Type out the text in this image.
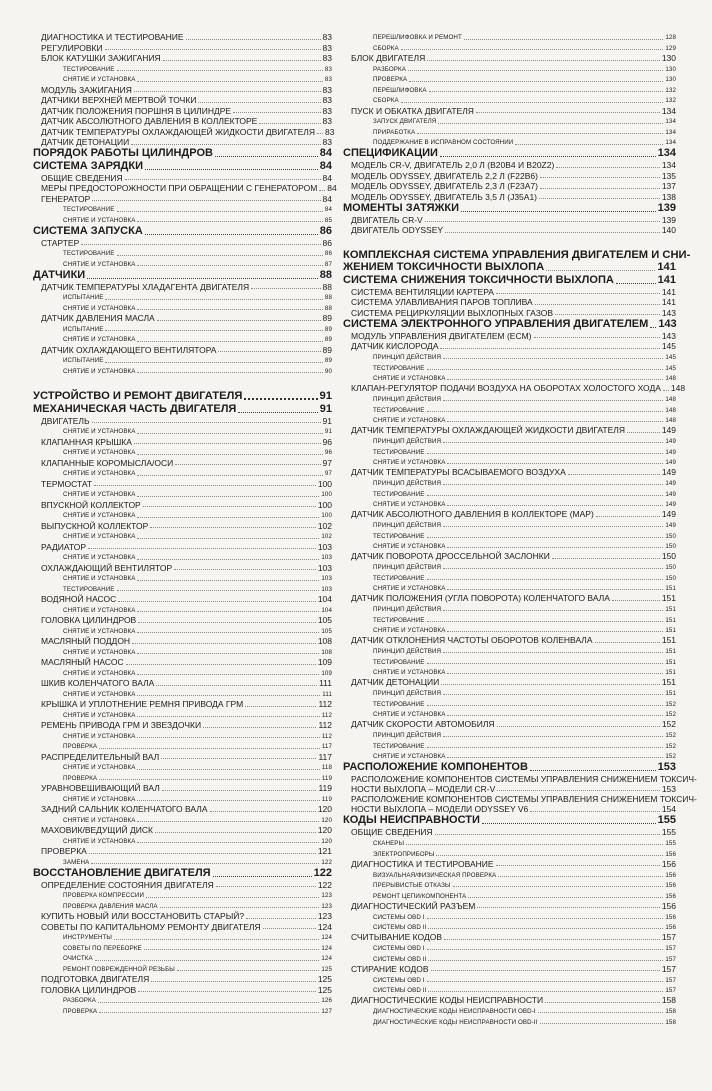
ДИАГНОСТИКА И ТЕСТИРОВАНИЕ	83
РЕГУЛИРОВКИ	83
БЛОК КАТУШКИ ЗАЖИГАНИЯ	83
ТЕСТИРОВАНИЕ	83
СНЯТИЕ И УСТАНОВКА	83
МОДУЛЬ ЗАЖИГАНИЯ	83
ДАТЧИКИ ВЕРХНЕЙ МЕРТВОЙ ТОЧКИ	83
ДАТЧИК ПОЛОЖЕНИЯ ПОРШНЯ В ЦИЛИНДРЕ	83
ДАТЧИК АБСОЛЮТНОГО ДАВЛЕНИЯ В КОЛЛЕКТОРЕ	83
ДАТЧИК ТЕМПЕРАТУРЫ ОХЛАЖДАЮЩЕЙ ЖИДКОСТИ ДВИГАТЕЛЯ 83
ДАТЧИК ДЕТОНАЦИИ	83
ПОРЯДОК РАБОТЫ ЦИЛИНДРОВ	84
СИСТЕМА ЗАРЯДКИ	84
ОБЩИЕ СВЕДЕНИЯ	84
МЕРЫ ПРЕДОСТОРОЖНОСТИ ПРИ ОБРАЩЕНИИ С ГЕНЕРАТОРОМ 84
ГЕНЕРАТОР	84
ТЕСТИРОВАНИЕ	84
СНЯТИЕ И УСТАНОВКА	85
СИСТЕМА ЗАПУСКА	86
СТАРТЕР	86
ТЕСТИРОВАНИЕ	86
СНЯТИЕ И УСТАНОВКА	87
ДАТЧИКИ	88
ДАТЧИК ТЕМПЕРАТУРЫ ХЛАДАГЕНТА ДВИГАТЕЛЯ	88
ИСПЫТАНИЕ	88
СНЯТИЕ И УСТАНОВКА	88
ДАТЧИК ДАВЛЕНИЯ МАСЛА	89
ИСПЫТАНИЕ	89
СНЯТИЕ И УСТАНОВКА	89
ДАТЧИК ОХЛАЖДАЮЩЕГО ВЕНТИЛЯТОРА	89
ИСПЫТАНИЕ	89
СНЯТИЕ И УСТАНОВКА	90
УСТРОЙСТВО И РЕМОНТ ДВИГАТЕЛЯ	91
МЕХАНИЧЕСКАЯ ЧАСТЬ ДВИГАТЕЛЯ	91
ДВИГАТЕЛЬ	91
СНЯТИЕ И УСТАНОВКА	91
КЛАПАННАЯ КРЫШКА	96
СНЯТИЕ И УСТАНОВКА	96
КЛАПАННЫЕ КОРОМЫСЛА/ОСИ	97
СНЯТИЕ И УСТАНОВКА	97
ТЕРМОСТАТ	100
СНЯТИЕ И УСТАНОВКА	100
ВПУСКНОЙ КОЛЛЕКТОР	100
СНЯТИЕ И УСТАНОВКА	100
ВЫПУСКНОЙ КОЛЛЕКТОР	102
СНЯТИЕ И УСТАНОВКА	102
РАДИАТОР	103
СНЯТИЕ И УСТАНОВКА	103
ОХЛАЖДАЮЩИЙ ВЕНТИЛЯТОР	103
СНЯТИЕ И УСТАНОВКА	103
ТЕСТИРОВАНИЕ	103
ВОДЯНОЙ НАСОС	104
СНЯТИЕ И УСТАНОВКА	104
ГОЛОВКА ЦИЛИНДРОВ	105
СНЯТИЕ И УСТАНОВКА	105
МАСЛЯНЫЙ ПОДДОН	108
СНЯТИЕ И УСТАНОВКА	108
МАСЛЯНЫЙ НАСОС	109
СНЯТИЕ И УСТАНОВКА	109
ШКИВ КОЛЕНЧАТОГО ВАЛА	111
СНЯТИЕ И УСТАНОВКА	111
КРЫШКА И УПЛОТНЕНИЕ РЕМНЯ ПРИВОДА ГРМ	112
СНЯТИЕ И УСТАНОВКА	112
РЕМЕНЬ ПРИВОДА ГРМ И ЗВЕЗДОЧКИ	112
СНЯТИЕ И УСТАНОВКА	112
ПРОВЕРКА	117
РАСПРЕДЕЛИТЕЛЬНЫЙ ВАЛ	117
СНЯТИЕ И УСТАНОВКА	118
ПРОВЕРКА	119
УРАВНОВЕШИВАЮЩИЙ ВАЛ	119
СНЯТИЕ И УСТАНОВКА	119
ЗАДНИЙ САЛЬНИК КОЛЕНЧАТОГО ВАЛА	120
СНЯТИЕ И УСТАНОВКА	120
МАХОВИК/ВЕДУЩИЙ ДИСК	120
СНЯТИЕ И УСТАНОВКА	120
ПРОВЕРКА	121
ЗАМЕНА	122
ВОССТАНОВЛЕНИЕ ДВИГАТЕЛЯ	122
ОПРЕДЕЛЕНИЕ СОСТОЯНИЯ ДВИГАТЕЛЯ	122
ПРОВЕРКА КОМПРЕССИИ	123
ПРОВЕРКА ДАВЛЕНИЯ МАСЛА	123
КУПИТЬ НОВЫЙ ИЛИ ВОССТАНОВИТЬ СТАРЫЙ?	123
СОВЕТЫ ПО КАПИТАЛЬНОМУ РЕМОНТУ ДВИГАТЕЛЯ	124
ИНСТРУМЕНТЫ	124
СОВЕТЫ ПО ПЕРЕБОРКЕ	124
ОЧИСТКА	124
РЕМОНТ ПОВРЕЖДЕННОЙ РЕЗЬБЫ	125
ПОДГОТОВКА ДВИГАТЕЛЯ	125
ГОЛОВКА ЦИЛИНДРОВ	125
РАЗБОРКА	126
ПРОВЕРКА	127
ПЕРЕШЛИФОВКА И РЕМОНТ	128
СБОРКА	129
БЛОК ДВИГАТЕЛЯ	130
РАЗБОРКА	130
ПРОВЕРКА	130
ПЕРЕШЛИФОВКА	132
СБОРКА	132
ПУСК И ОБКАТКА ДВИГАТЕЛЯ	134
ЗАПУСК ДВИГАТЕЛЯ	134
ПРИРАБОТКА	134
ПОДДЕРЖАНИЕ В ИСПРАВНОМ СОСТОЯНИИ	134
СПЕЦИФИКАЦИИ	134
МОДЕЛЬ CR-V, ДВИГАТЕЛЬ 2,0 Л (B20B4 И B20Z2)	134
МОДЕЛЬ ODYSSEY, ДВИГАТЕЛЬ 2,2 Л (F22B6)	135
МОДЕЛЬ ODYSSEY, ДВИГАТЕЛЬ 2,3 Л (F23A7)	137
МОДЕЛЬ ODYSSEY, ДВИГАТЕЛЬ 3,5 Л (J35A1)	138
МОМЕНТЫ ЗАТЯЖКИ	139
ДВИГАТЕЛЬ CR-V	139
ДВИГАТЕЛЬ ODYSSEY	140
КОМПЛЕКСНАЯ СИСТЕМА УПРАВЛЕНИЯ ДВИГАТЕЛЕМ И СНИ-
ЖЕНИЕМ ТОКСИЧНОСТИ ВЫХЛОПА	141
СИСТЕМА СНИЖЕНИЯ ТОКСИЧНОСТИ ВЫХЛОПА	141
СИСТЕМА ВЕНТИЛЯЦИИ КАРТЕРА	141
СИСТЕМА УЛАВЛИВАНИЯ ПАРОВ ТОПЛИВА	141
СИСТЕМА РЕЦИРКУЛЯЦИИ ВЫХЛОПНЫХ ГАЗОВ	143
СИСТЕМА ЭЛЕКТРОННОГО УПРАВЛЕНИЯ ДВИГАТЕЛЕМ 143
МОДУЛЬ УПРАВЛЕНИЯ ДВИГАТЕЛЕМ (ECM)	143
ДАТЧИК КИСЛОРОДА	145
ПРИНЦИП ДЕЙСТВИЯ	145
ТЕСТИРОВАНИЕ	145
СНЯТИЕ И УСТАНОВКА	148
КЛАПАН-РЕГУЛЯТОР ПОДАЧИ ВОЗДУХА НА ОБОРОТАХ ХОЛОСТОГО ХОДА 148
ПРИНЦИП ДЕЙСТВИЯ	148
ТЕСТИРОВАНИЕ	148
СНЯТИЕ И УСТАНОВКА	148
ДАТЧИК ТЕМПЕРАТУРЫ ОХЛАЖДАЮЩЕЙ ЖИДКОСТИ ДВИГАТЕЛЯ	149
ПРИНЦИП ДЕЙСТВИЯ	149
ТЕСТИРОВАНИЕ	149
СНЯТИЕ И УСТАНОВКА	149
ДАТЧИК ТЕМПЕРАТУРЫ ВСАСЫВАЕМОГО ВОЗДУХА	149
ПРИНЦИП ДЕЙСТВИЯ	149
ТЕСТИРОВАНИЕ	149
СНЯТИЕ И УСТАНОВКА	149
ДАТЧИК АБСОЛЮТНОГО ДАВЛЕНИЯ В КОЛЛЕКТОРЕ (MAP)	149
ПРИНЦИП ДЕЙСТВИЯ	149
ТЕСТИРОВАНИЕ	150
СНЯТИЕ И УСТАНОВКА	150
ДАТЧИК ПОВОРОТА ДРОССЕЛЬНОЙ ЗАСЛОНКИ	150
ПРИНЦИП ДЕЙСТВИЯ	150
ТЕСТИРОВАНИЕ	150
СНЯТИЕ И УСТАНОВКА	151
ДАТЧИК ПОЛОЖЕНИЯ (УГЛА ПОВОРОТА) КОЛЕНЧАТОГО ВАЛА	151
ПРИНЦИП ДЕЙСТВИЯ	151
ТЕСТИРОВАНИЕ	151
СНЯТИЕ И УСТАНОВКА	151
ДАТЧИК ОТКЛОНЕНИЯ ЧАСТОТЫ ОБОРОТОВ КОЛЕНВАЛА	151
ПРИНЦИП ДЕЙСТВИЯ	151
ТЕСТИРОВАНИЕ	151
СНЯТИЕ И УСТАНОВКА	151
ДАТЧИК ДЕТОНАЦИИ	151
ПРИНЦИП ДЕЙСТВИЯ	151
ТЕСТИРОВАНИЕ	152
СНЯТИЕ И УСТАНОВКА	152
ДАТЧИК СКОРОСТИ АВТОМОБИЛЯ	152
ПРИНЦИП ДЕЙСТВИЯ	152
ТЕСТИРОВАНИЕ	152
СНЯТИЕ И УСТАНОВКА	152
РАСПОЛОЖЕНИЕ КОМПОНЕНТОВ	153
РАСПОЛОЖЕНИЕ КОМПОНЕНТОВ СИСТЕМЫ УПРАВЛЕНИЯ СНИЖЕНИЕМ ТОКСИЧ-
НОСТИ ВЫХЛОПА – МОДЕЛИ CR-V	153
РАСПОЛОЖЕНИЕ КОМПОНЕНТОВ СИСТЕМЫ УПРАВЛЕНИЯ СНИЖЕНИЕМ ТОКСИЧ-
НОСТИ ВЫХЛОПА – МОДЕЛИ ODYSSEY V6	154
КОДЫ НЕИСПРАВНОСТИ	155
ОБЩИЕ СВЕДЕНИЯ	155
СКАНЕРЫ	155
ЭЛЕКТРОПРИБОРЫ	156
ДИАГНОСТИКА И ТЕСТИРОВАНИЕ	156
ВИЗУАЛЬНАЯ/ФИЗИЧЕСКАЯ ПРОВЕРКА	156
ПРЕРЫВИСТЫЕ ОТКАЗЫ	156
РЕМОНТ ЦЕПИ/КОМПОНЕНТА	156
ДИАГНОСТИЧЕСКИЙ РАЗЪЕМ	156
СИСТЕМЫ OBD I	156
СИСТЕМЫ OBD II	156
СЧИТЫВАНИЕ КОДОВ	157
СИСТЕМЫ OBD I	157
СИСТЕМЫ OBD II	157
СТИРАНИЕ КОДОВ	157
СИСТЕМЫ OBD I	157
СИСТЕМЫ OBD II	157
ДИАГНОСТИЧЕСКИЕ КОДЫ НЕИСПРАВНОСТИ	158
ДИАГНОСТИЧЕСКИЕ КОДЫ НЕИСПРАВНОСТИ OBD-I	158
ДИАГНОСТИЧЕСКИЕ КОДЫ НЕИСПРАВНОСТИ OBD-II	158
